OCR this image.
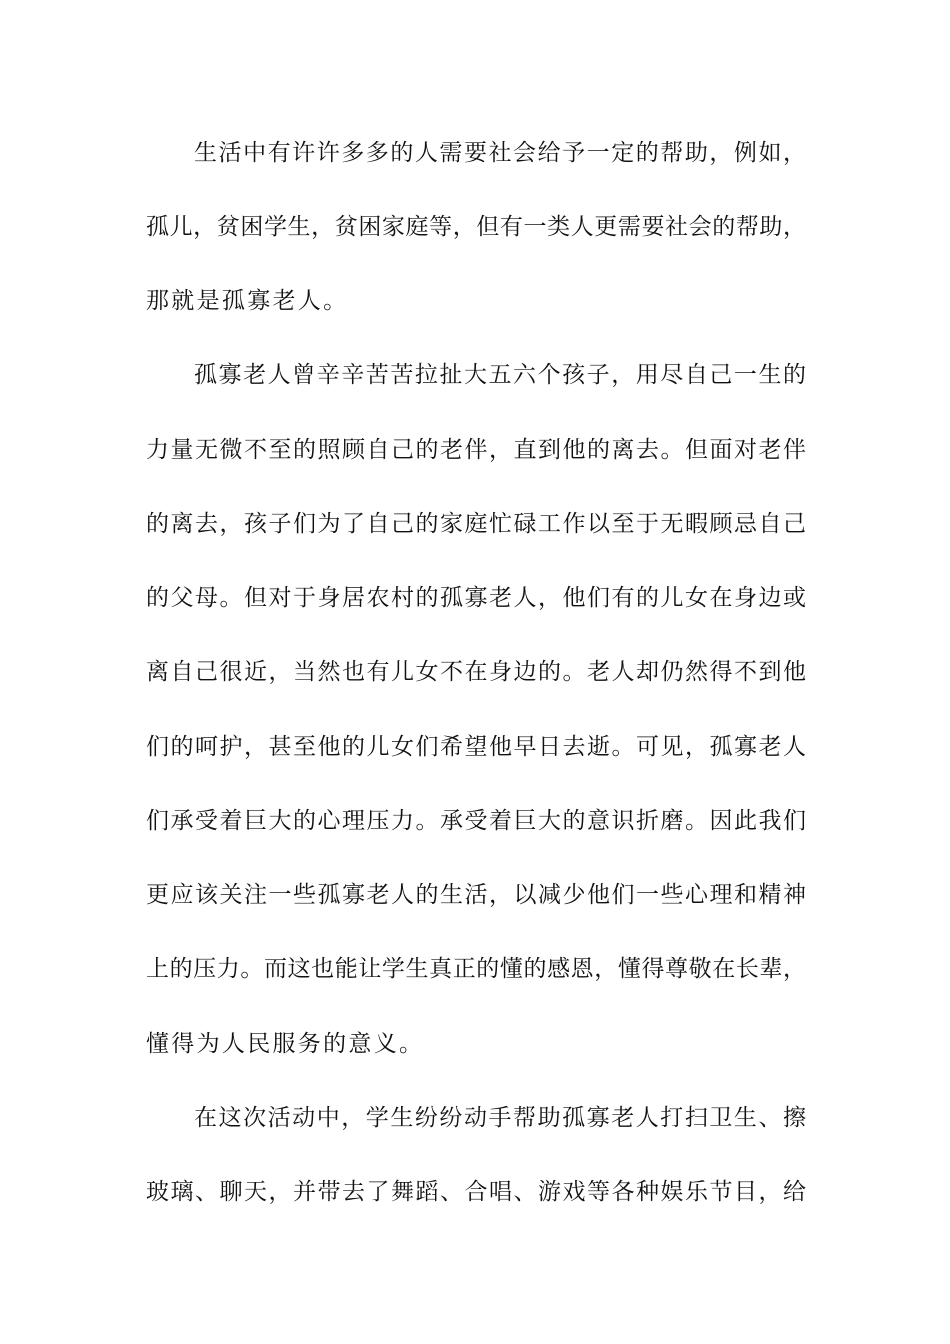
生活中有许许多多的人需要社会给予一定的帮助，例如，
孤儿，贫困学生，贫困家庭等，但有一类人更需要社会的帮助，
那就是孤寡老人。
孤寡老人曾辛辛苦苦拉扯大五六个孩子，用尽自己一生的
力量无微不至的照顾自己的老伴，直到他的离去。但面对老伴
的离去，孩子们为了自己的家庭忙碌工作以至于无暇顾忌自己
的父母。但对于身居农村的孤寡老人，他们有的儿女在身边或
离自己很近，当然也有儿女不在身边的。老人却仍然得不到他
们的呵护，甚至他的儿女们希望他早日去逝。可见，孤寡老人
们承受着巨大的心理压力。承受着巨大的意识折磨。因此我们
更应该关注一些孤寡老人的生活，以减少他们一些心理和精神
上的压力。而这也能让学生真正的懂的感恩，懂得尊敬在长辈，
懂得为人民服务的意义。
在这次活动中，学生纷纷动手帮助孤寡老人打扫卫生、擦
玻璃、聊天，并带去了舞蹈、合唱、游戏等各种娱乐节目，给
